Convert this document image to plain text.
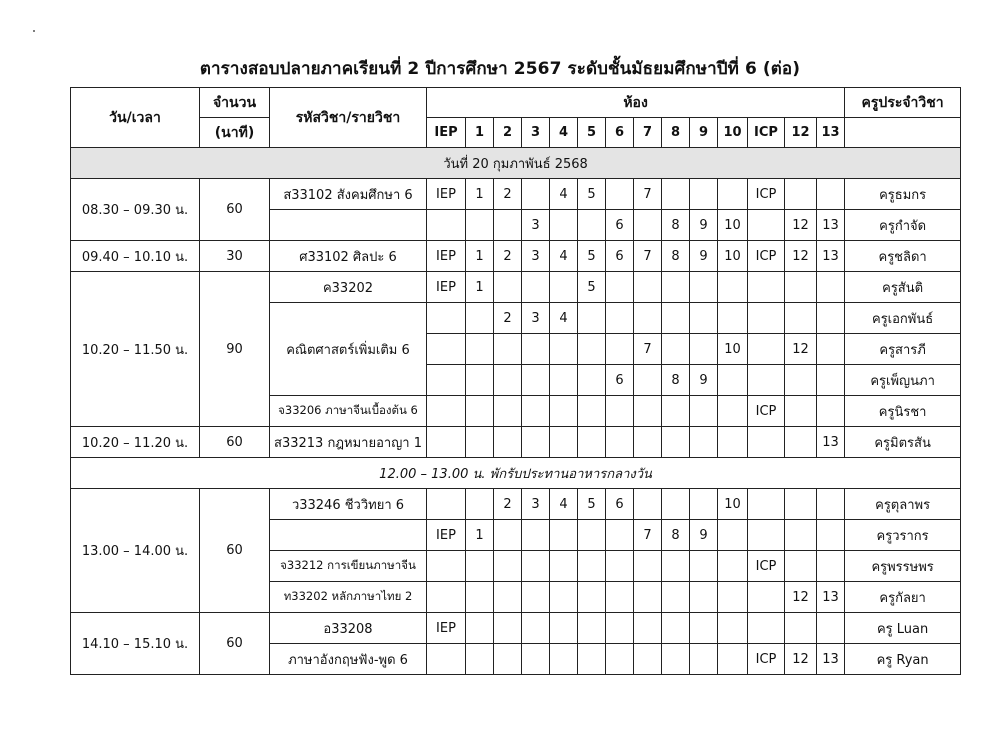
ตารางสอบปลายภาคเรียนที่ 2 ปีการศึกษา 2567 ระดับชั้นมัธยมศึกษาปีที่ 6 (ต่อ)
วัน/เวลา	จำนวน	รหัสวิชา/รายวิชา	ห้อง														ครูประจำวิชา
	(นาที)		IEP	1	2	3	4	5	6	7	8	9	10	ICP	12	13	
วันที่ 20 กุมภาพันธ์ 2568																	
08.30 – 09.30 น.	60	ส33102 สังคมศึกษา 6	IEP	1	2		4	5		7				ICP			ครูธมกร
						3			6		8	9	10		12	13	ครูกำจัด
09.40 – 10.10 น.	30	ศ33102 ศิลปะ 6	IEP	1	2	3	4	5	6	7	8	9	10	ICP	12	13	ครูชลิดา
10.20 – 11.50 น.	90	ค33202	IEP	1				5									ครูสันติ
		คณิตศาสตร์เพิ่มเติม 6			2	3	4										ครูเอกพันธ์
										7			10		12		ครูสารภี
									6		8	9					ครูเพ็ญนภา
		จ33206 ภาษาจีนเบื้องต้น 6												ICP			ครูนิรชา
10.20 – 11.20 น.	60	ส33213 กฎหมายอาญา 1														13	ครูมิตรสัน
12.00 – 13.00 น. พักรับประทานอาหารกลางวัน																	
13.00 – 14.00 น.	60	ว33246 ชีววิทยา 6			2	3	4	5	6				10				ครูตุลาพร
			IEP	1						7	8	9					ครูวรากร
		จ33212 การเขียนภาษาจีน												ICP			ครูพรรษพร
		ท33202 หลักภาษาไทย 2													12	13	ครูกัลยา
14.10 – 15.10 น.	60	อ33208	IEP														ครู Luan
		ภาษาอังกฤษฟัง-พูด 6												ICP	12	13	ครู Ryan
